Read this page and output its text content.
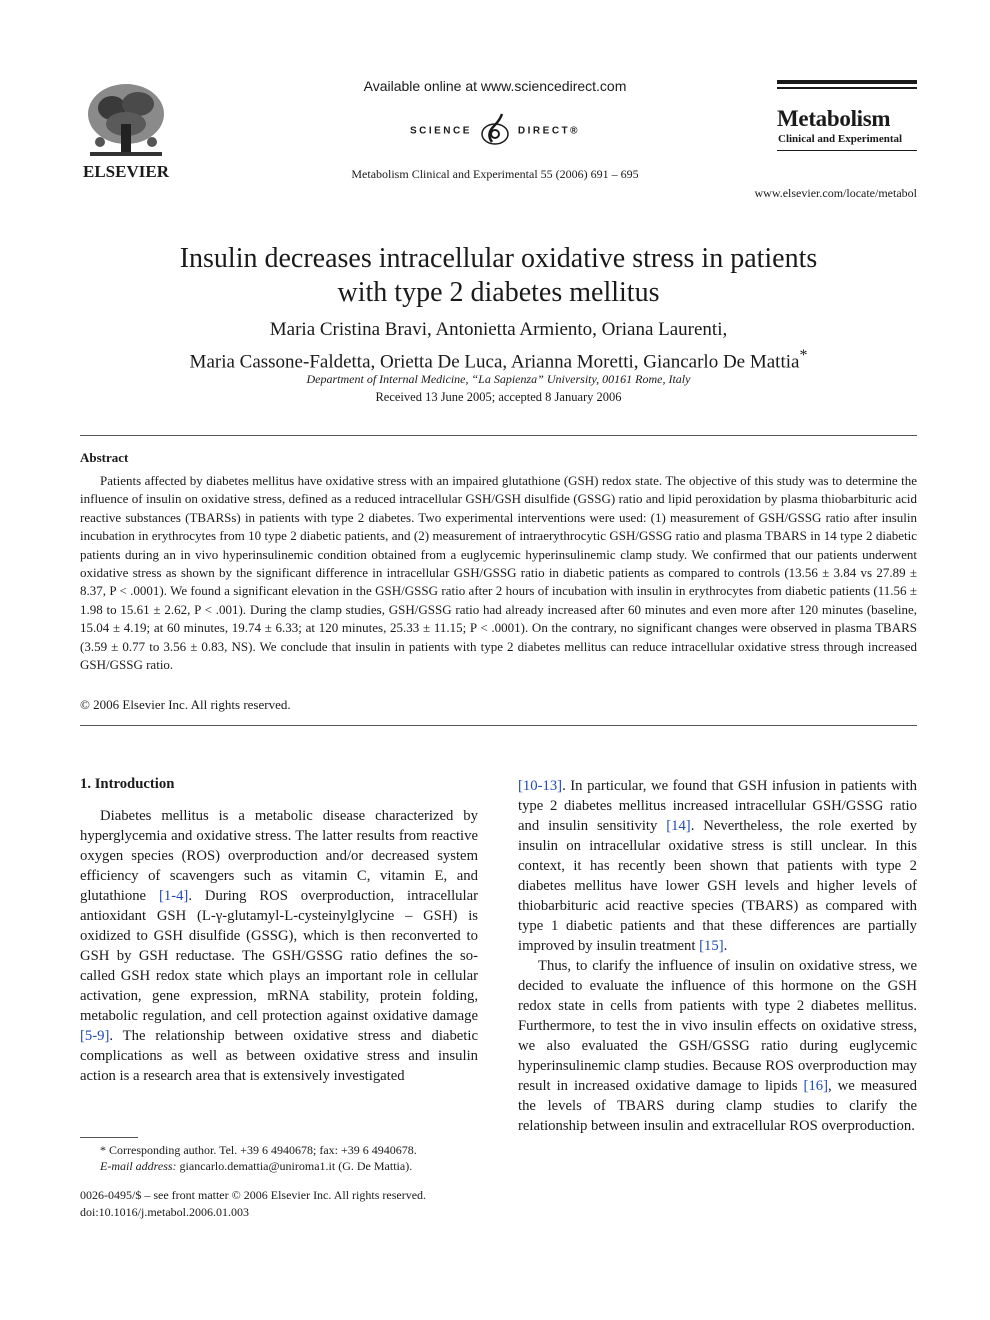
ELSEVIER
Available online at www.sciencedirect.com
SCIENCE	DIRECT®
Metabolism Clinical and Experimental 55 (2006) 691 – 695
Metabolism
Clinical and Experimental
www.elsevier.com/locate/metabol
Insulin decreases intracellular oxidative stress in patients
with type 2 diabetes mellitus
Maria Cristina Bravi, Antonietta Armiento, Oriana Laurenti,
Maria Cassone-Faldetta, Orietta De Luca, Arianna Moretti, Giancarlo De Mattia*
Department of Internal Medicine, “La Sapienza” University, 00161 Rome, Italy
Received 13 June 2005; accepted 8 January 2006
Abstract
Patients affected by diabetes mellitus have oxidative stress with an impaired glutathione (GSH) redox state. The objective of this study was to determine the influence of insulin on oxidative stress, defined as a reduced intracellular GSH/GSH disulfide (GSSG) ratio and lipid peroxidation by plasma thiobarbituric acid reactive substances (TBARSs) in patients with type 2 diabetes. Two experimental interventions were used: (1) measurement of GSH/GSSG ratio after insulin incubation in erythrocytes from 10 type 2 diabetic patients, and (2) measurement of intraerythrocytic GSH/GSSG ratio and plasma TBARS in 14 type 2 diabetic patients during an in vivo hyperinsulinemic condition obtained from a euglycemic hyperinsulinemic clamp study. We confirmed that our patients underwent oxidative stress as shown by the significant difference in intracellular GSH/GSSG ratio in diabetic patients as compared to controls (13.56 ± 3.84 vs 27.89 ± 8.37, P < .0001). We found a significant elevation in the GSH/GSSG ratio after 2 hours of incubation with insulin in erythrocytes from diabetic patients (11.56 ± 1.98 to 15.61 ± 2.62, P < .001). During the clamp studies, GSH/GSSG ratio had already increased after 60 minutes and even more after 120 minutes (baseline, 15.04 ± 4.19; at 60 minutes, 19.74 ± 6.33; at 120 minutes, 25.33 ± 11.15; P < .0001). On the contrary, no significant changes were observed in plasma TBARS (3.59 ± 0.77 to 3.56 ± 0.83, NS). We conclude that insulin in patients with type 2 diabetes mellitus can reduce intracellular oxidative stress through increased GSH/GSSG ratio.
© 2006 Elsevier Inc. All rights reserved.
1. Introduction

Diabetes mellitus is a metabolic disease characterized by hyperglycemia and oxidative stress. The latter results from reactive oxygen species (ROS) overproduction and/or decreased system efficiency of scavengers such as vitamin C, vitamin E, and glutathione [1-4]. During ROS overproduction, intracellular antioxidant GSH (L-γ-glutamyl-L-cysteinylglycine – GSH) is oxidized to GSH disulfide (GSSG), which is then reconverted to GSH by GSH reductase. The GSH/GSSG ratio defines the so-called GSH redox state which plays an important role in cellular activation, gene expression, mRNA stability, protein folding, metabolic regulation, and cell protection against oxidative damage [5-9]. The relationship between oxidative stress and diabetic complications as well as between oxidative stress and insulin action is a research area that is extensively investigated

[10-13]. In particular, we found that GSH infusion in patients with type 2 diabetes mellitus increased intracellular GSH/GSSG ratio and insulin sensitivity [14]. Nevertheless, the role exerted by insulin on intracellular oxidative stress is still unclear. In this context, it has recently been shown that patients with type 2 diabetes mellitus have lower GSH levels and higher levels of thiobarbituric acid reactive species (TBARS) as compared with type 1 diabetic patients and that these differences are partially improved by insulin treatment [15].

Thus, to clarify the influence of insulin on oxidative stress, we decided to evaluate the influence of this hormone on the GSH redox state in cells from patients with type 2 diabetes mellitus. Furthermore, to test the in vivo insulin effects on oxidative stress, we also evaluated the GSH/GSSG ratio during euglycemic hyperinsulinemic clamp studies. Because ROS overproduction may result in increased oxidative damage to lipids [16], we measured the levels of TBARS during clamp studies to clarify the relationship between insulin and extracellular ROS overproduction.

* Corresponding author. Tel. +39 6 4940678; fax: +39 6 4940678.
E-mail address: giancarlo.demattia@uniroma1.it (G. De Mattia).
0026-0495/$ – see front matter © 2006 Elsevier Inc. All rights reserved.
doi:10.1016/j.metabol.2006.01.003
